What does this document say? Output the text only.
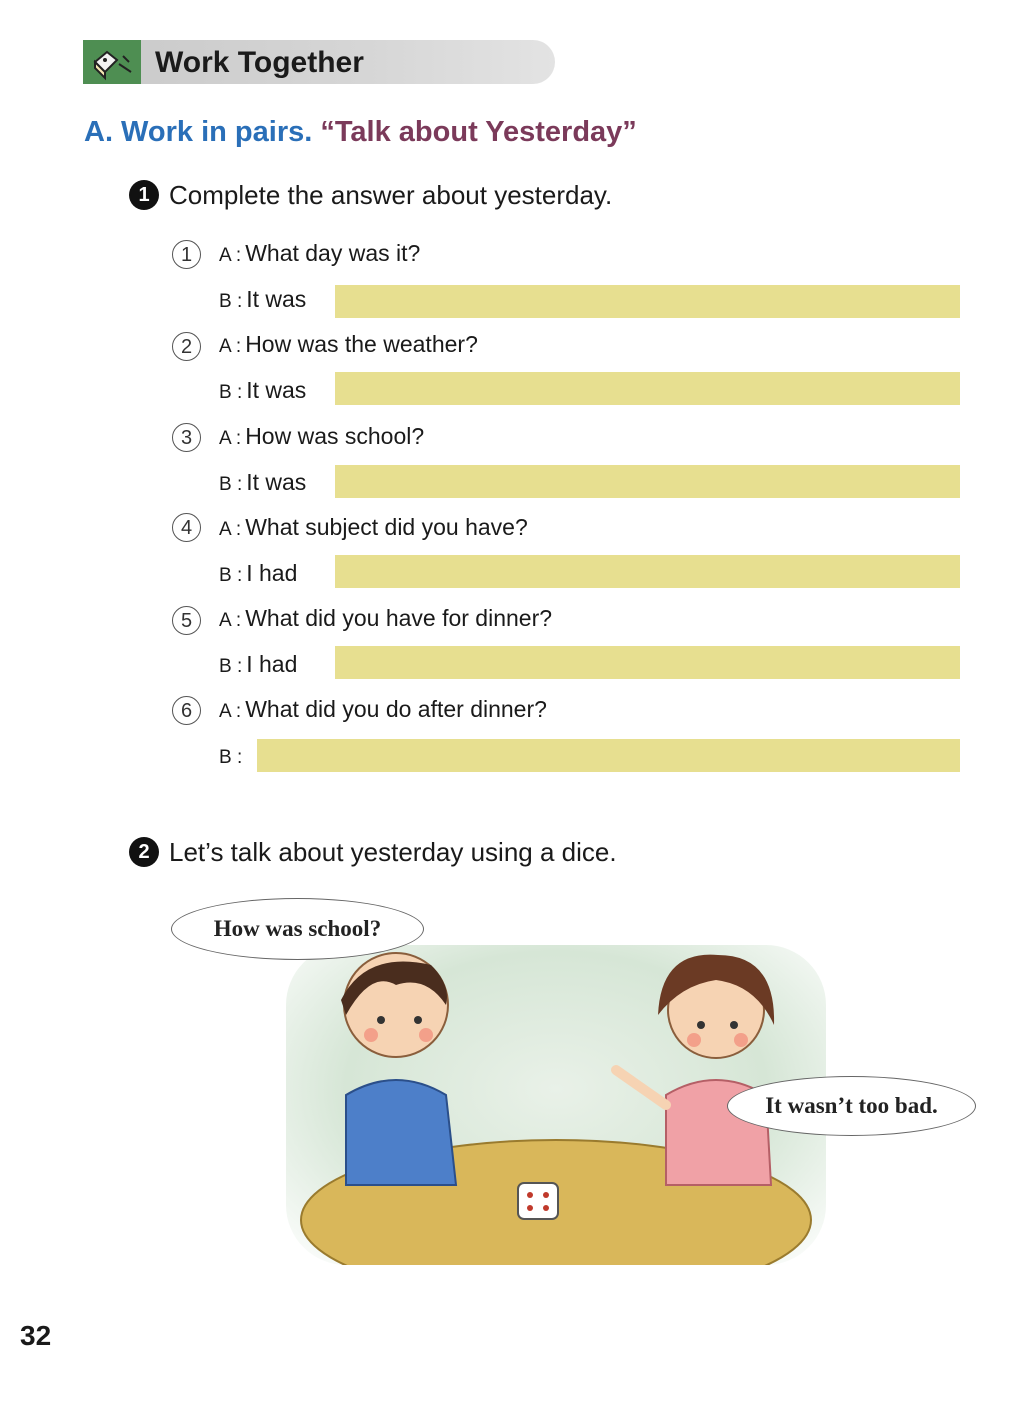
Work Together
A. Work in pairs. “Talk about Yesterday”
1 Complete the answer about yesterday.
1	A : What day was it?
B : It was
2	A : How was the weather?
B : It was
3	A : How was school?
B : It was
4	A : What subject did you have?
B : I had
5	A : What did you have for dinner?
B : I had
6	A : What did you do after dinner?
B :
2 Let’s talk about yesterday using a dice.
How was school?
It wasn’t too bad.
32
